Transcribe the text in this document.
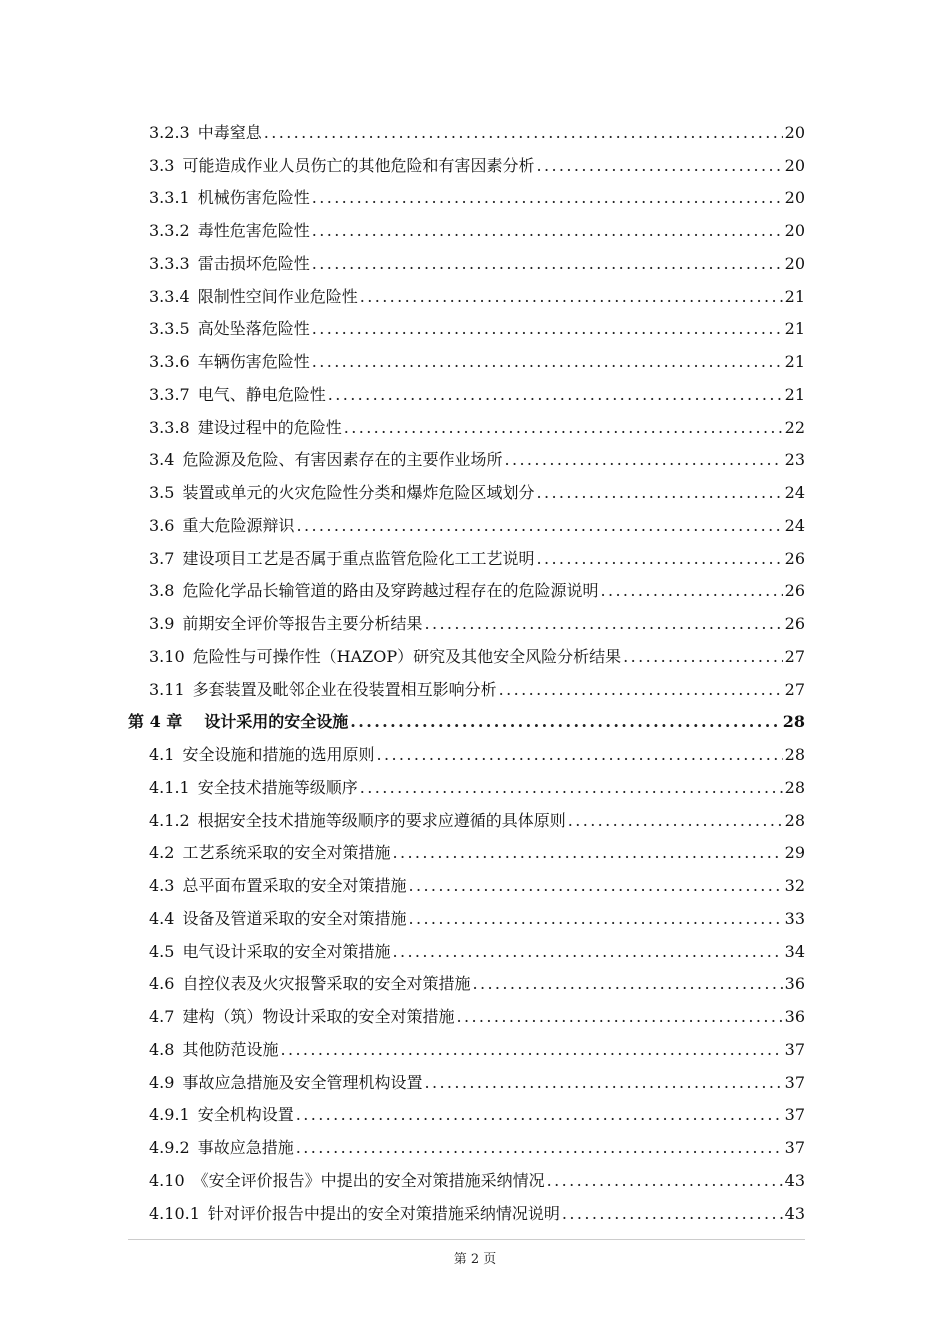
3.2.3 中毒窒息 .....	20
3.3 可能造成作业人员伤亡的其他危险和有害因素分析 .....	20
3.3.1 机械伤害危险性 .....	20
3.3.2 毒性危害危险性 .....	20
3.3.3 雷击损坏危险性 .....	20
3.3.4 限制性空间作业危险性 .....	21
3.3.5 高处坠落危险性 .....	21
3.3.6 车辆伤害危险性 .....	21
3.3.7 电气、静电危险性 .....	21
3.3.8 建设过程中的危险性 .....	22
3.4 危险源及危险、有害因素存在的主要作业场所 .....	23
3.5 装置或单元的火灾危险性分类和爆炸危险区域划分 .....	24
3.6 重大危险源辩识 .....	24
3.7 建设项目工艺是否属于重点监管危险化工工艺说明 .....	26
3.8 危险化学品长输管道的路由及穿跨越过程存在的危险源说明 .....	26
3.9 前期安全评价等报告主要分析结果 .....	26
3.10 危险性与可操作性（HAZOP）研究及其他安全风险分析结果 .....	27
3.11 多套装置及毗邻企业在役装置相互影响分析 .....	27
第 4 章 设计采用的安全设施 .....	28
4.1 安全设施和措施的选用原则 .....	28
4.1.1 安全技术措施等级顺序 .....	28
4.1.2 根据安全技术措施等级顺序的要求应遵循的具体原则 .....	28
4.2 工艺系统采取的安全对策措施 .....	29
4.3 总平面布置采取的安全对策措施 .....	32
4.4 设备及管道采取的安全对策措施 .....	33
4.5 电气设计采取的安全对策措施 .....	34
4.6 自控仪表及火灾报警采取的安全对策措施 .....	36
4.7 建构（筑）物设计采取的安全对策措施 .....	36
4.8 其他防范设施 .....	37
4.9 事故应急措施及安全管理机构设置 .....	37
4.9.1 安全机构设置 .....	37
4.9.2 事故应急措施 .....	37
4.10 《安全评价报告》中提出的安全对策措施采纳情况 .....	43
4.10.1 针对评价报告中提出的安全对策措施采纳情况说明 .....	43
第 2 页
